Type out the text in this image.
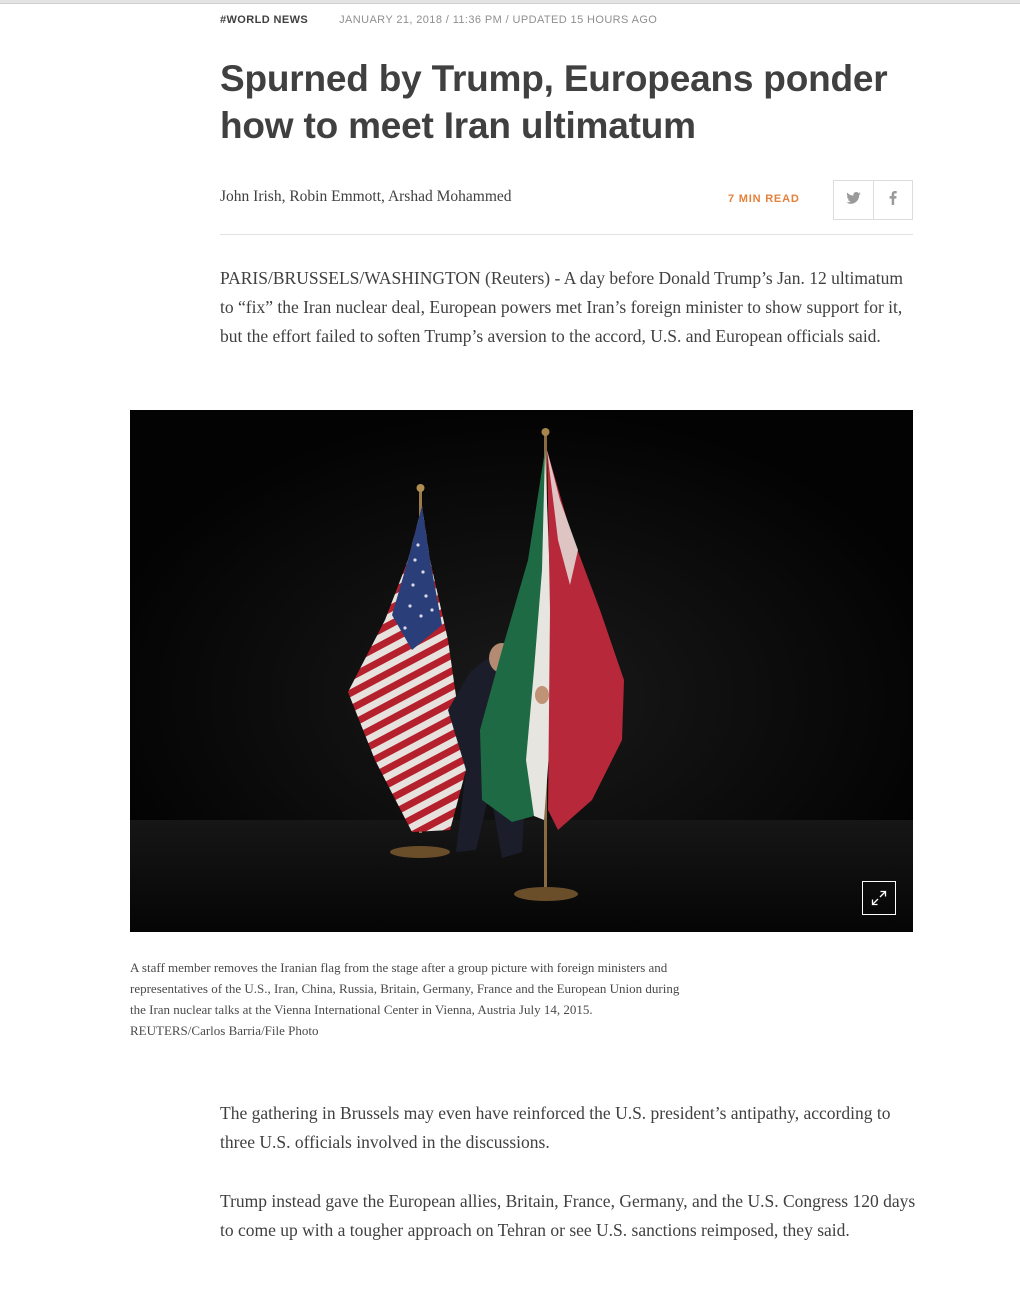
#WORLD NEWS	JANUARY 21, 2018 / 11:36 PM / UPDATED 15 HOURS AGO
Spurned by Trump, Europeans ponder how to meet Iran ultimatum
John Irish, Robin Emmott, Arshad Mohammed	7 MIN READ

PARIS/BRUSSELS/WASHINGTON (Reuters) - A day before Donald Trump’s Jan. 12 ultimatum to “fix” the Iran nuclear deal, European powers met Iran’s foreign minister to show support for it, but the effort failed to soften Trump’s aversion to the accord, U.S. and European officials said.

A staff member removes the Iranian flag from the stage after a group picture with foreign ministers and representatives of the U.S., Iran, China, Russia, Britain, Germany, France and the European Union during the Iran nuclear talks at the Vienna International Center in Vienna, Austria July 14, 2015. REUTERS/Carlos Barria/File Photo

The gathering in Brussels may even have reinforced the U.S. president’s antipathy, according to three U.S. officials involved in the discussions.

Trump instead gave the European allies, Britain, France, Germany, and the U.S. Congress 120 days to come up with a tougher approach on Tehran or see U.S. sanctions reimposed, they said.
